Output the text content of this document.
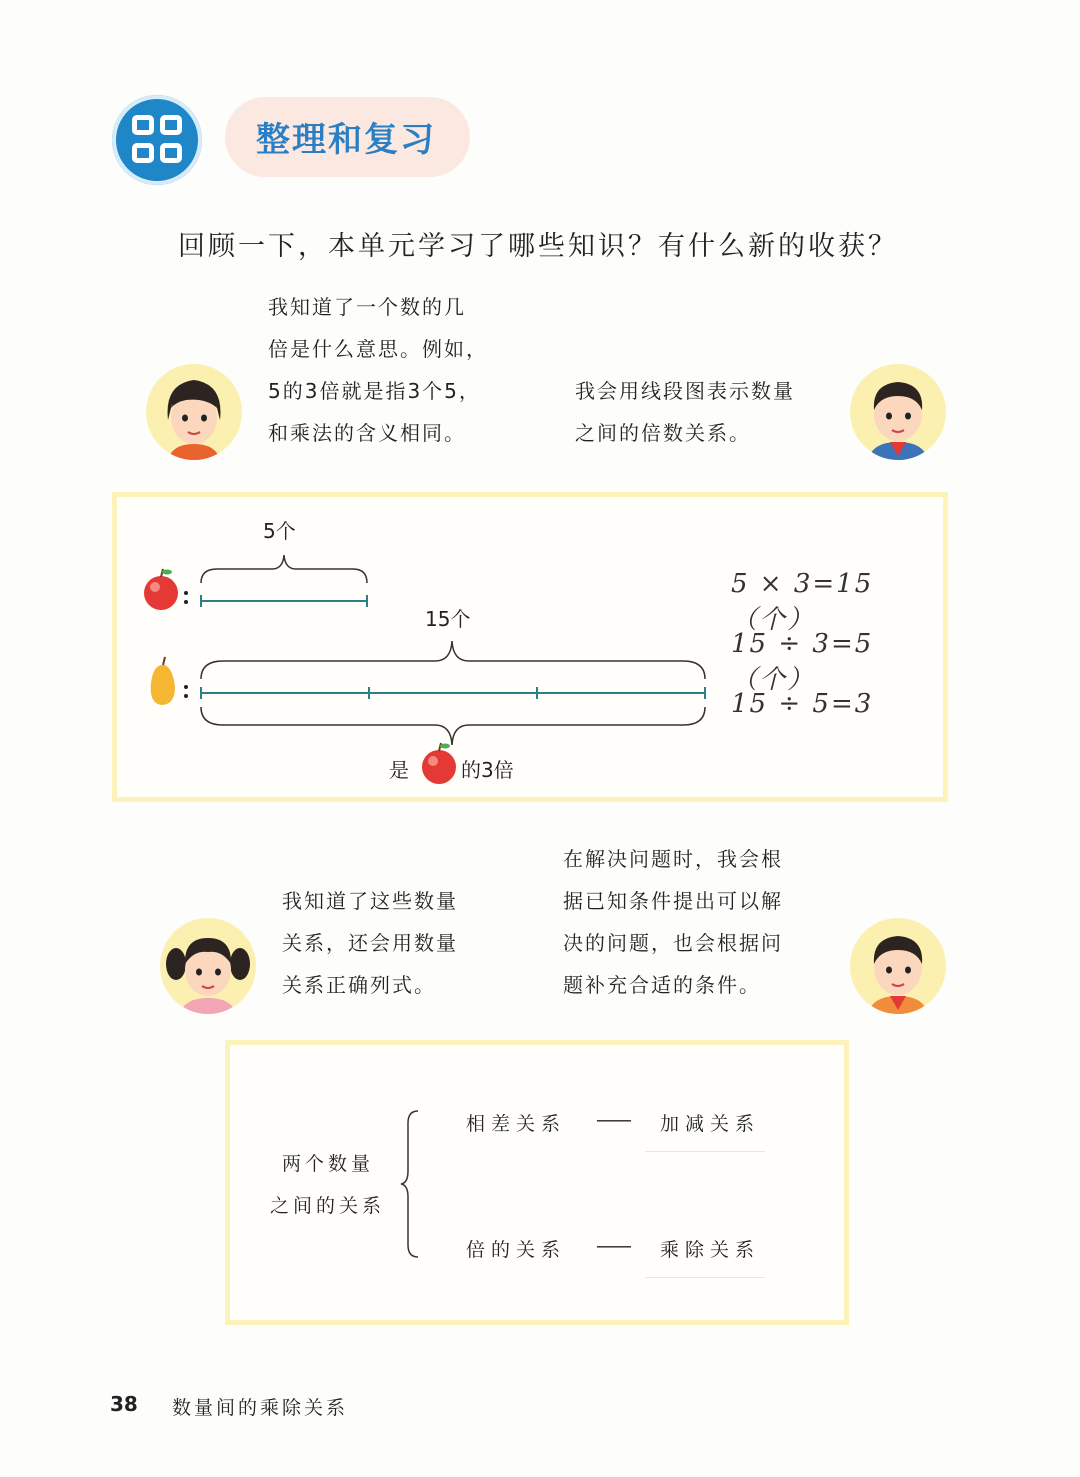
整理和复习
回顾一下，本单元学习了哪些知识？有什么新的收获？
我知道了一个数的几
倍是什么意思。例如，
5的3倍就是指3个5，
和乘法的含义相同。
我会用线段图表示数量
之间的倍数关系。
5个
15个
是	的3倍
5 × 3=15（个）
15 ÷ 3=5（个）
15 ÷ 5=3
我知道了这些数量
关系，还会用数量
关系正确列式。
在解决问题时，我会根
据已知条件提出可以解
决的问题，也会根据问
题补充合适的条件。
两个数量
之间的关系
相差关系 —— 加减关系
倍的关系 —— 乘除关系
38 数量间的乘除关系
